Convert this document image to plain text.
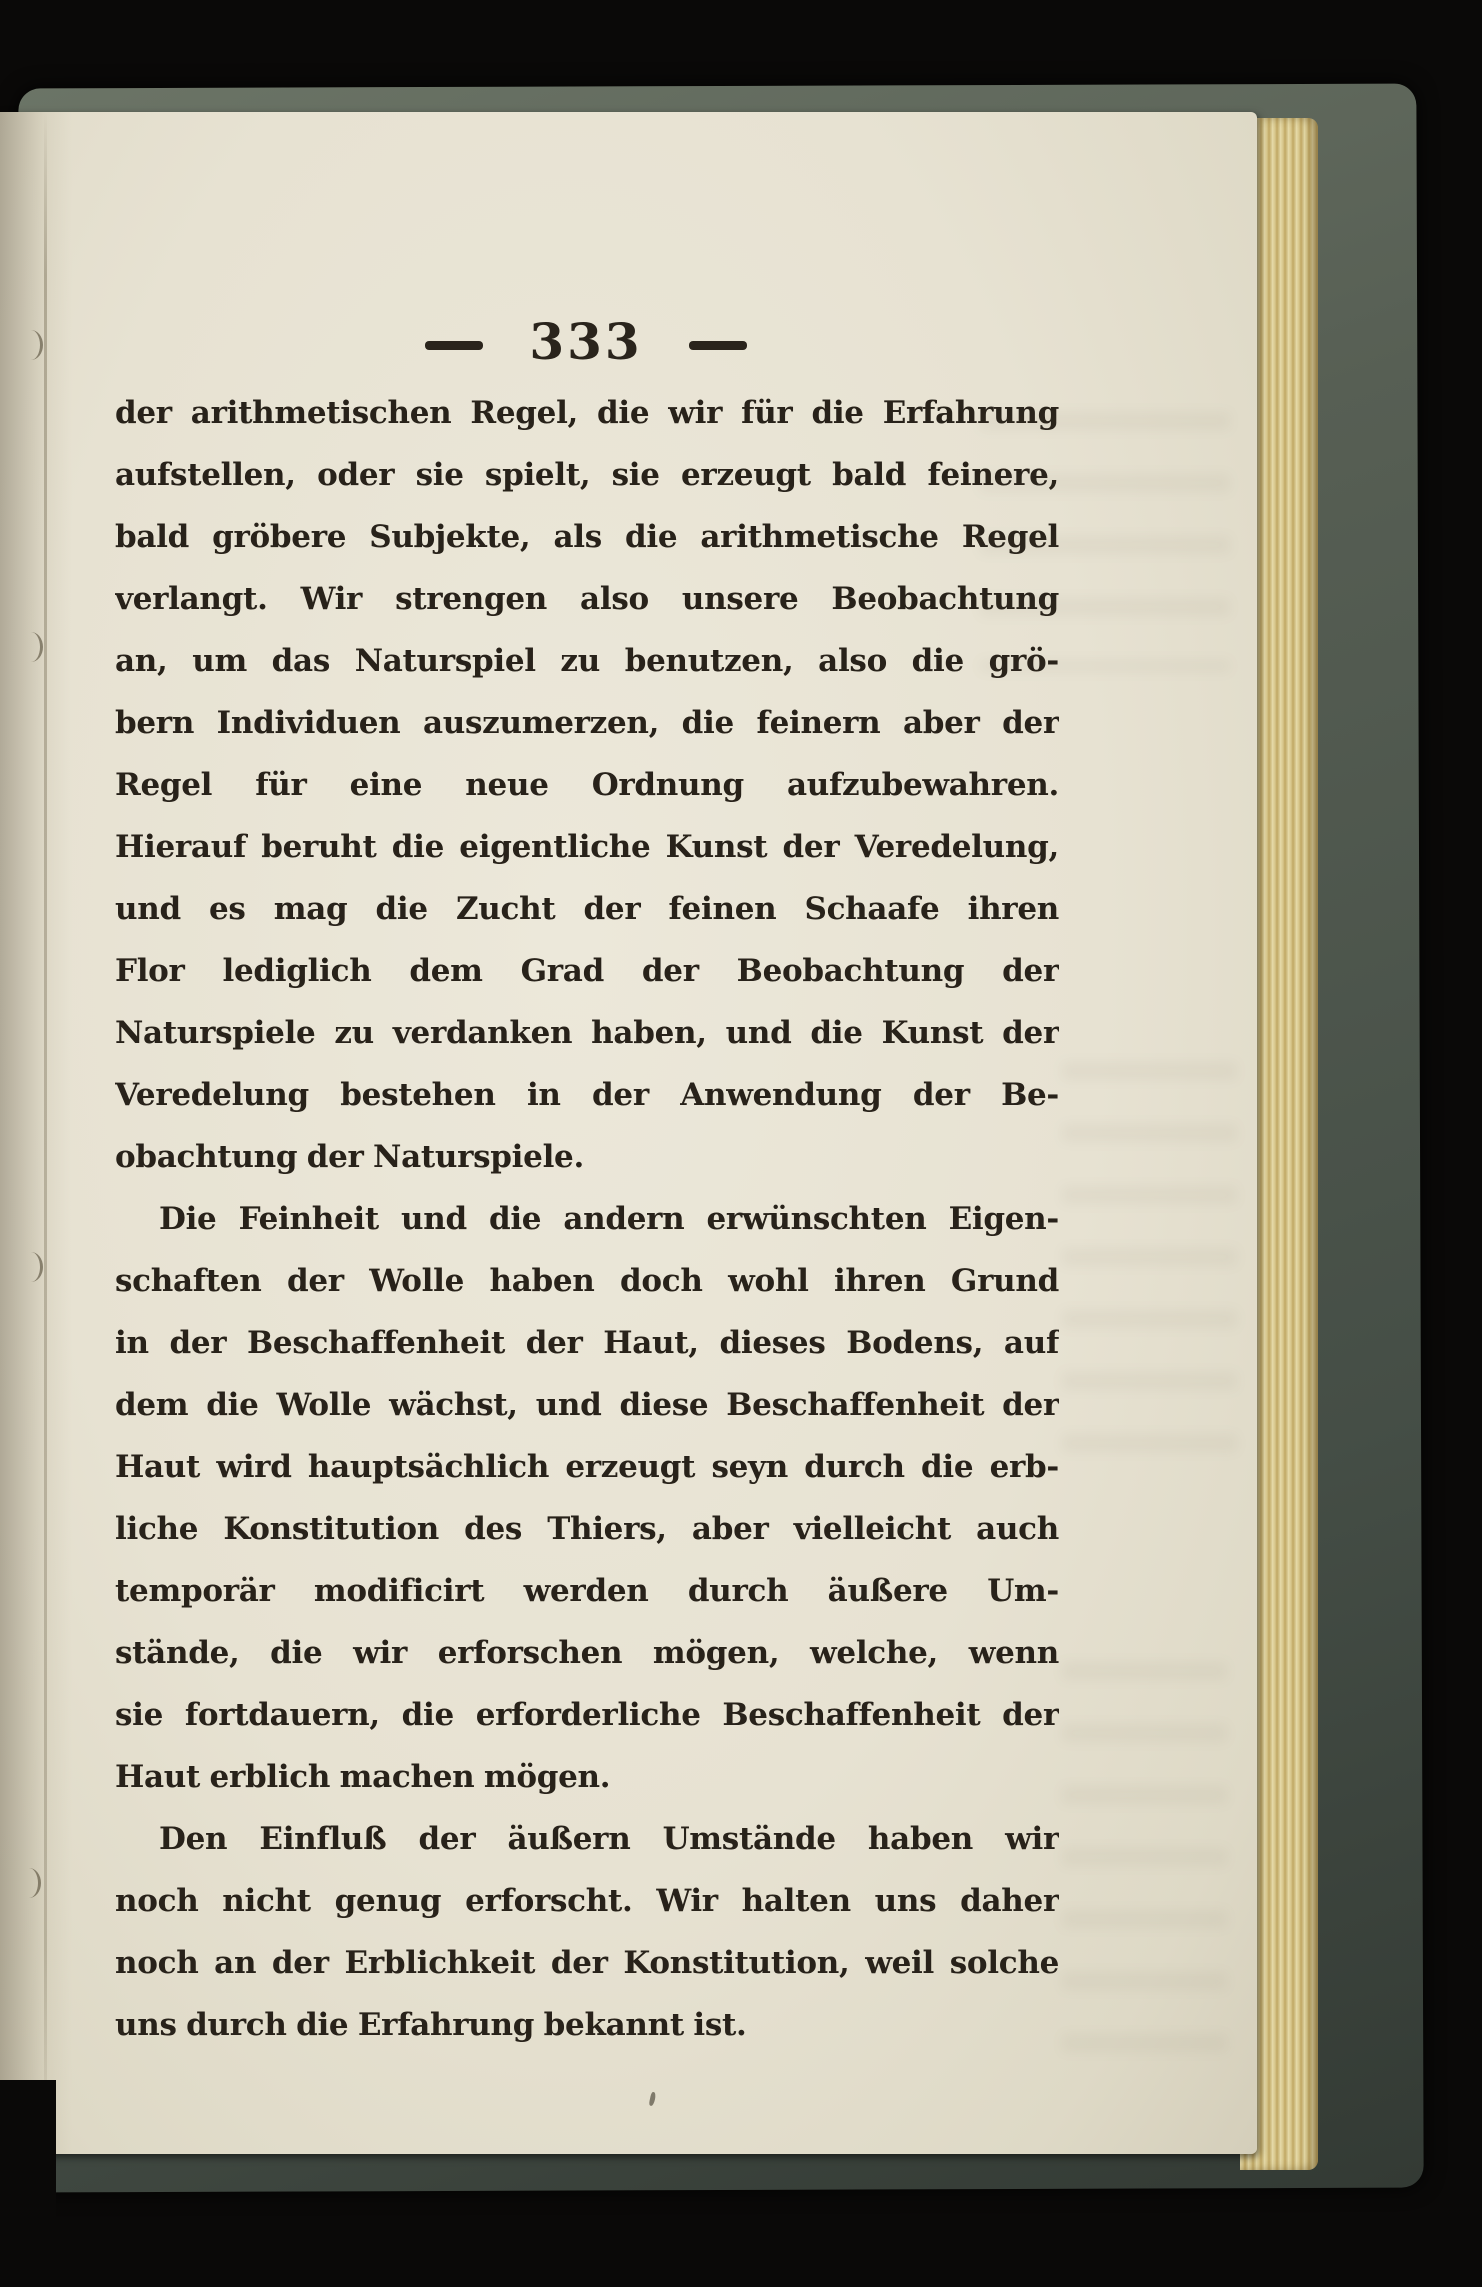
333
der arithmetischen Regel, die wir für die Erfahrung
aufstellen, oder sie spielt, sie erzeugt bald feinere,
bald gröbere Subjekte, als die arithmetische Regel
verlangt. Wir strengen also unsere Beobachtung
an, um das Naturspiel zu benutzen, also die grö-
bern Individuen auszumerzen, die feinern aber der
Regel für eine neue Ordnung aufzubewahren.
Hierauf beruht die eigentliche Kunst der Veredelung,
und es mag die Zucht der feinen Schaafe ihren
Flor lediglich dem Grad der Beobachtung der
Naturspiele zu verdanken haben, und die Kunst der
Veredelung bestehen in der Anwendung der Be-
obachtung der Naturspiele.
Die Feinheit und die andern erwünschten Eigen-
schaften der Wolle haben doch wohl ihren Grund
in der Beschaffenheit der Haut, dieses Bodens, auf
dem die Wolle wächst, und diese Beschaffenheit der
Haut wird hauptsächlich erzeugt seyn durch die erb-
liche Konstitution des Thiers, aber vielleicht auch
temporär modificirt werden durch äußere Um-
stände, die wir erforschen mögen, welche, wenn
sie fortdauern, die erforderliche Beschaffenheit der
Haut erblich machen mögen.
Den Einfluß der äußern Umstände haben wir
noch nicht genug erforscht. Wir halten uns daher
noch an der Erblichkeit der Konstitution, weil solche
uns durch die Erfahrung bekannt ist.
